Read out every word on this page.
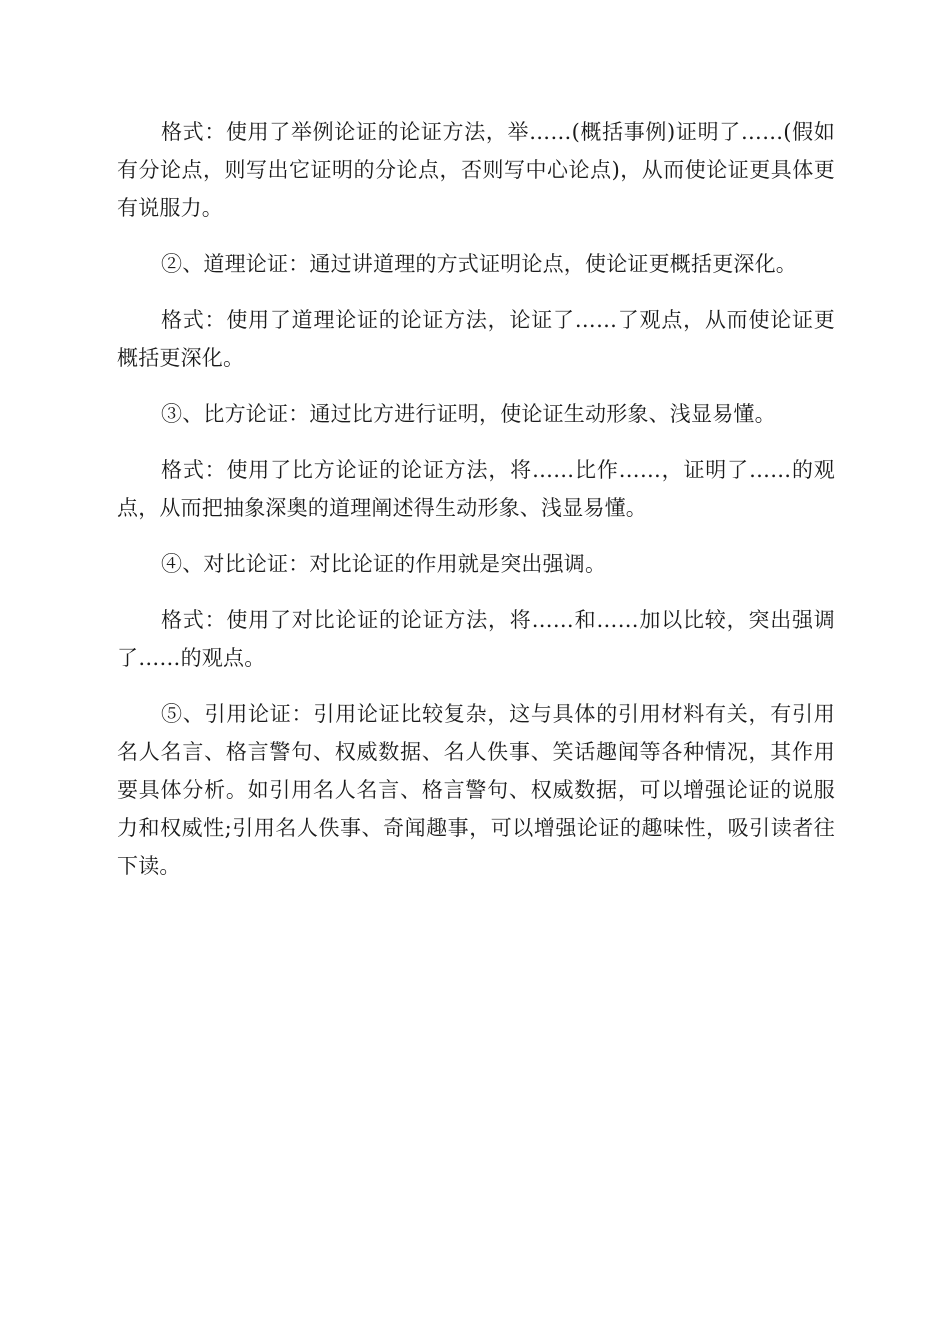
格式：使用了举例论证的论证方法，举……(概括事例)证明了……(假如有分论点，则写出它证明的分论点，否则写中心论点)，从而使论证更具体更有说服力。

②、道理论证：通过讲道理的方式证明论点，使论证更概括更深化。

格式：使用了道理论证的论证方法，论证了……了观点，从而使论证更概括更深化。

③、比方论证：通过比方进行证明，使论证生动形象、浅显易懂。

格式：使用了比方论证的论证方法，将……比作……，证明了……的观点，从而把抽象深奥的道理阐述得生动形象、浅显易懂。

④、对比论证：对比论证的作用就是突出强调。

格式：使用了对比论证的论证方法，将……和……加以比较，突出强调了……的观点。

⑤、引用论证：引用论证比较复杂，这与具体的引用材料有关，有引用名人名言、格言警句、权威数据、名人佚事、笑话趣闻等各种情况，其作用要具体分析。如引用名人名言、格言警句、权威数据，可以增强论证的说服力和权威性;引用名人佚事、奇闻趣事，可以增强论证的趣味性，吸引读者往下读。
